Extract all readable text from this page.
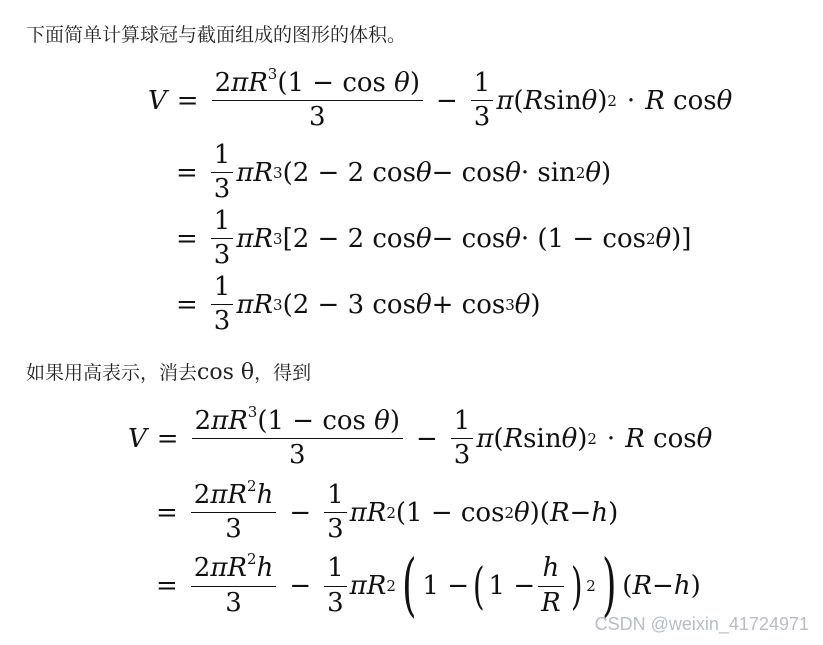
下面简单计算球冠与截面组成的图形的体积。
$V = \frac{2\pi R^3(1 - \cos \theta)}{3} - \frac{1}{3}$ π ( R sin θ ) 2 · R cos θ
= $\frac{1}{3}$ πR 3 (2 − 2 cos θ − cos θ · sin 2 θ )
= $\frac{1}{3}$ πR 3 [2 − 2 cos θ − cos θ · (1 − cos 2 θ )]
= $\frac{1}{3}$ πR 3 (2 − 3 cos θ + cos 3 θ )
如果用高表示，消去cos θ，得到
$V = \frac{2\pi R^3(1 - \cos \theta)}{3} - \frac{1}{3}$ π ( R sin θ ) 2 · R cos θ
= $\frac{2\pi R^2h}{3} - \frac{1}{3}$ πR 2 (1 − cos 2 θ )( R − h )
= $\frac{2\pi R^2h}{3} - \frac{1}{3}$ πR 2 ( 1 − ( $1 - \frac{h}{R}$ ) 2 ) ( R − h )
CSDN @weixin_41724971
